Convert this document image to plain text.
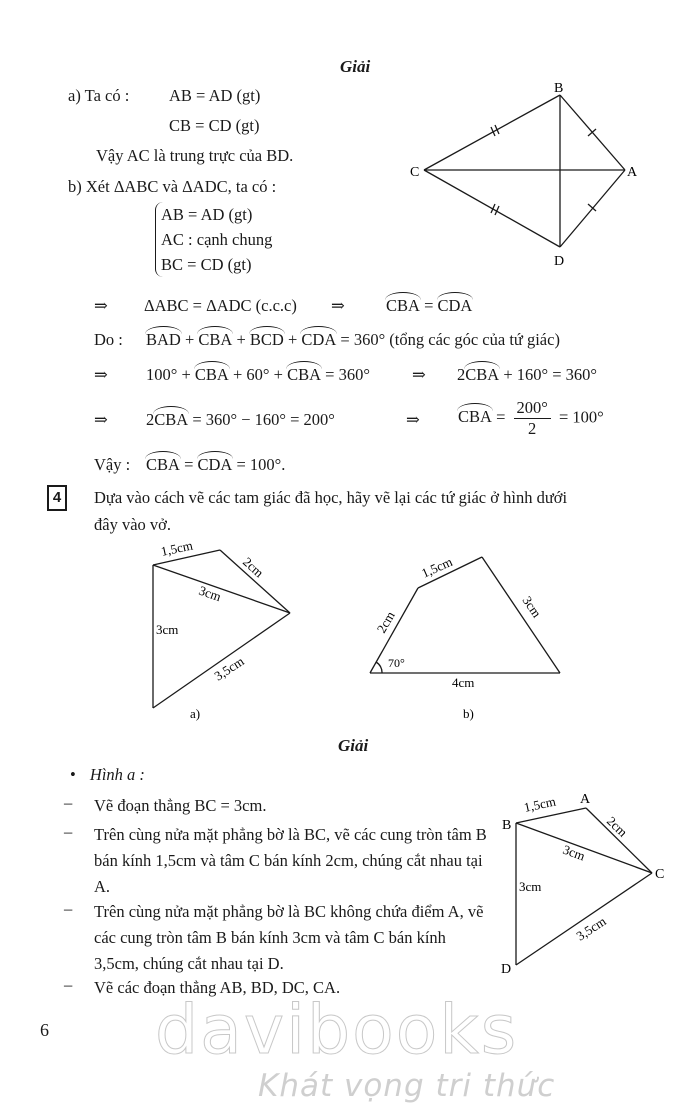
Giải
a) Ta có : AB = AD (gt)
CB = CD (gt)
Vậy AC là trung trực của BD.
b) Xét ΔABC và ΔADC, ta có :
AB = AD (gt)
AC : cạnh chung
BC = CD (gt)
⇒ ΔABC = ΔADC (c.c.c) ⇒ CBA = CDA
Do : BAD + CBA + BCD + CDA = 360° (tổng các góc của tứ giác)
⇒ 100° + CBA + 60° + CBA = 360°	⇒ 2CBA + 160° = 360°
⇒ 2CBA = 360° − 160° = 200°	⇒ CBA = $\frac{200^\circ}{2} = 100^\circ$
Vậy : CBA = CDA = 100°.
B
A
C
D
4	Dựa vào cách vẽ các tam giác đã học, hãy vẽ lại các tứ giác ở hình dưới
đây vào vở.
1,5cm
2cm
3cm
3cm
3,5cm
a)
1,5cm
2cm
3cm
4cm
70°
b)
Giải
• Hình a :
– Vẽ đoạn thẳng BC = 3cm.
– Trên cùng nửa mặt phẳng bờ là BC, vẽ các cung tròn tâm B bán kính 1,5cm và tâm C bán kính 2cm, chúng cắt nhau tại A.
– Trên cùng nửa mặt phẳng bờ là BC không chứa điểm A, vẽ các cung tròn tâm B bán kính 3cm và tâm C bán kính 3,5cm, chúng cắt nhau tại D.
– Vẽ các đoạn thẳng AB, BD, DC, CA.
B
A
C
D
1,5cm
2cm
3cm
3cm
3,5cm
6 davibooks
Khát vọng tri thức
